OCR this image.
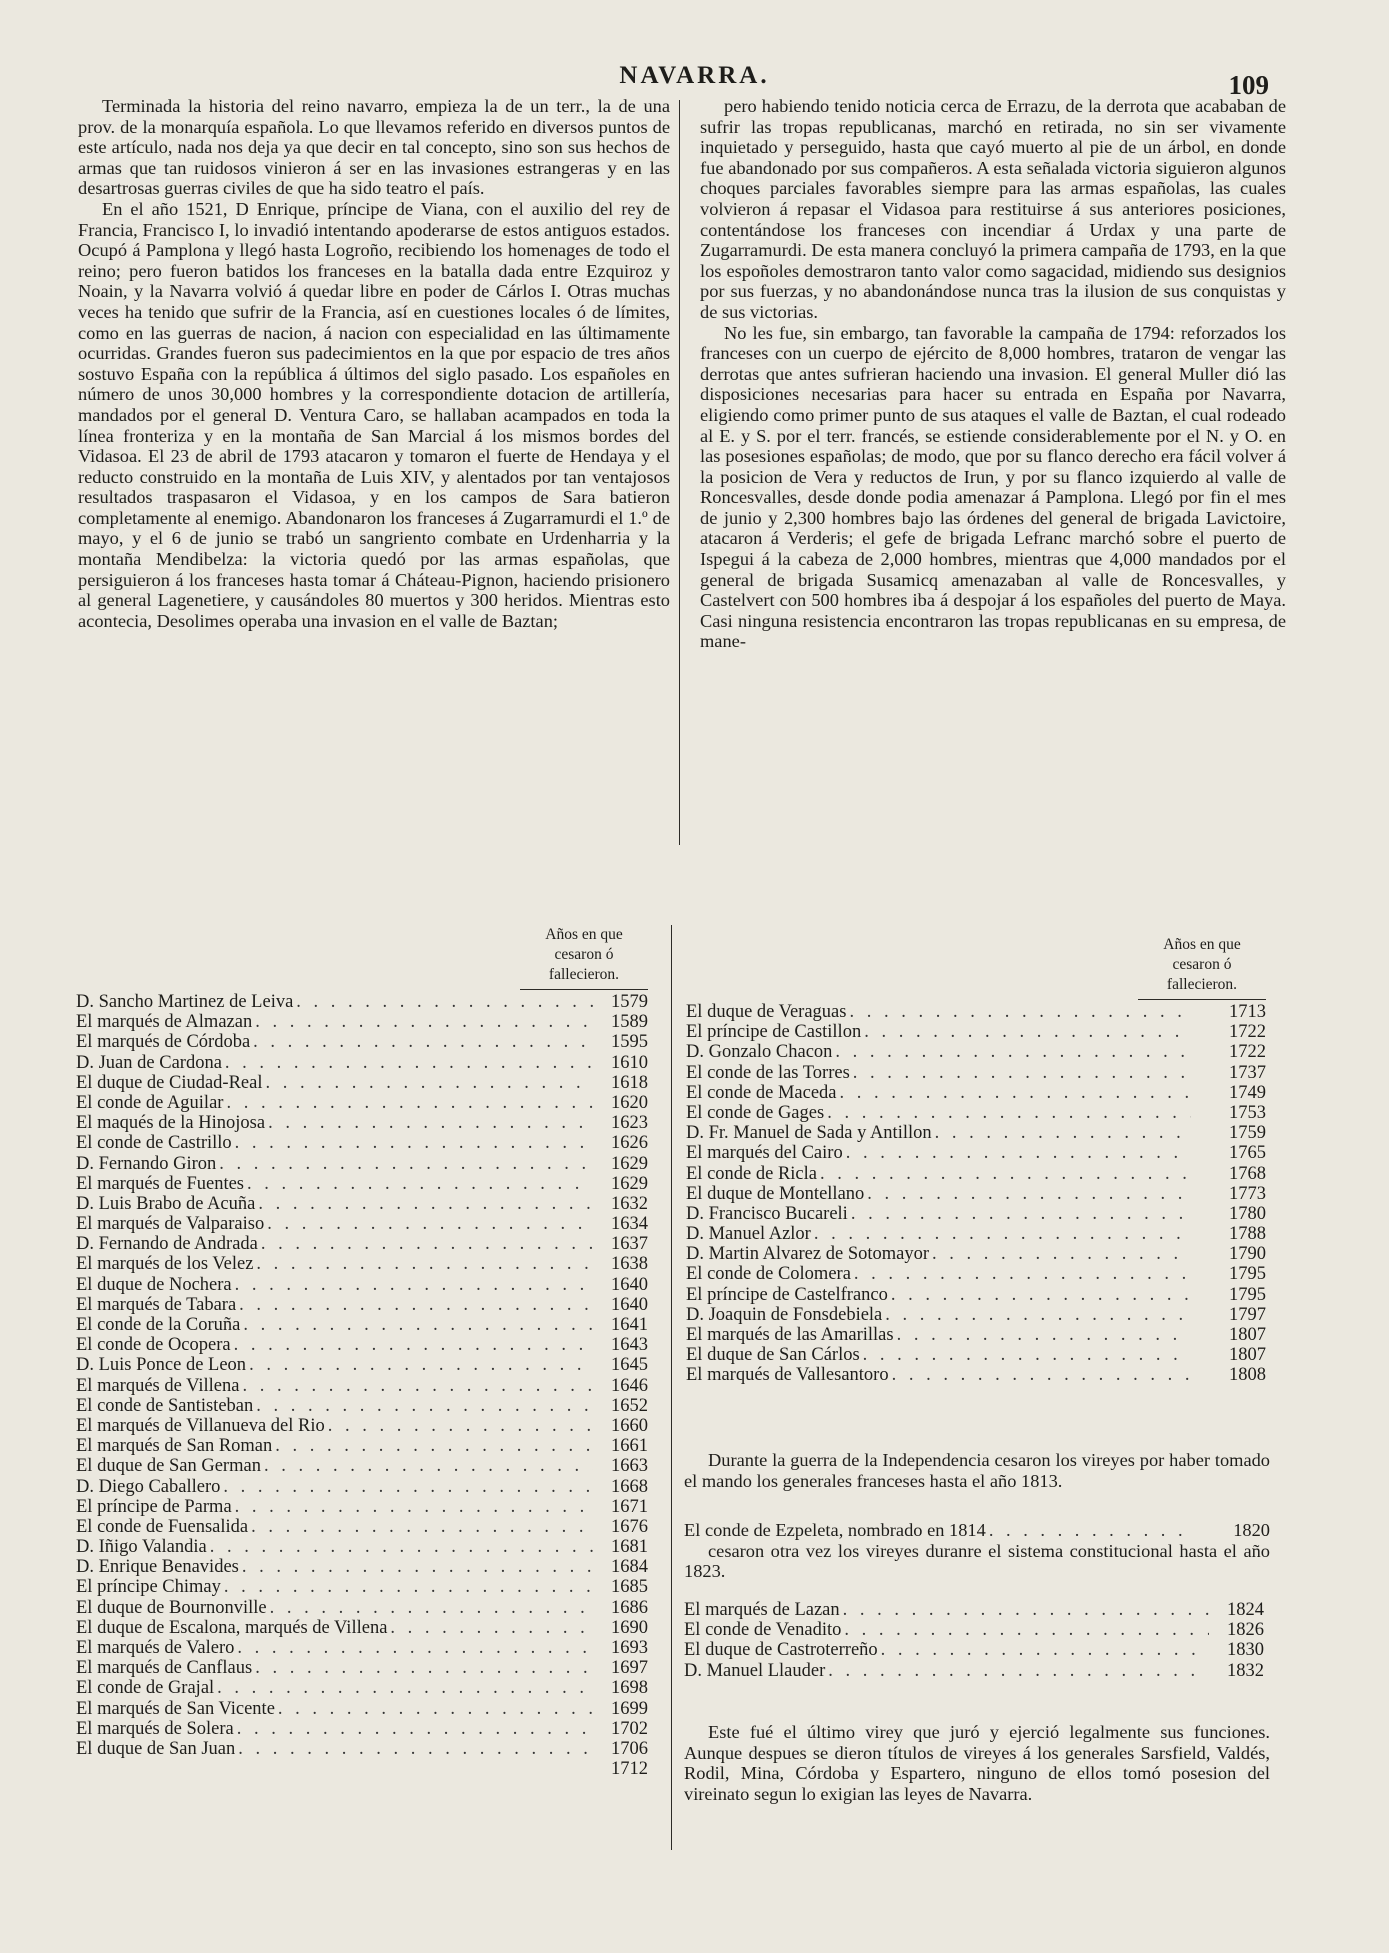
NAVARRA.	109

Terminada la historia del reino navarro, empieza la de un terr., la de una prov. de la monarquía española. Lo que llevamos referido en diversos puntos de este artículo, nada nos deja ya que decir en tal concepto, sino son sus hechos de armas que tan ruidosos vinieron á ser en las invasiones estrangeras y en las desartrosas guerras civiles de que ha sido teatro el país.

En el año 1521, D Enrique, príncipe de Viana, con el auxilio del rey de Francia, Francisco I, lo invadió intentando apoderarse de estos antiguos estados. Ocupó á Pamplona y llegó hasta Logroño, recibiendo los homenages de todo el reino; pero fueron batidos los franceses en la batalla dada entre Ezquiroz y Noain, y la Navarra volvió á quedar libre en poder de Cárlos I. Otras muchas veces ha tenido que sufrir de la Francia, así en cuestiones locales ó de límites, como en las guerras de nacion, á nacion con especialidad en las últimamente ocurridas. Grandes fueron sus padecimientos en la que por espacio de tres años sostuvo España con la república á últimos del siglo pasado. Los españoles en número de unos 30,000 hombres y la correspondiente dotacion de artillería, mandados por el general D. Ventura Caro, se hallaban acampados en toda la línea fronteriza y en la montaña de San Marcial á los mismos bordes del Vidasoa. El 23 de abril de 1793 atacaron y tomaron el fuerte de Hendaya y el reducto construido en la montaña de Luis XIV, y alentados por tan ventajosos resultados traspasaron el Vidasoa, y en los campos de Sara batieron completamente al enemigo. Abandonaron los franceses á Zugarramurdi el 1.º de mayo, y el 6 de junio se trabó un sangriento combate en Urdenharria y la montaña Mendibelza: la victoria quedó por las armas españolas, que persiguieron á los franceses hasta tomar á Cháteau-Pignon, haciendo prisionero al general Lagenetiere, y causándoles 80 muertos y 300 heridos. Mientras esto acontecia, Desolimes operaba una invasion en el valle de Baztan;

pero habiendo tenido noticia cerca de Errazu, de la derrota que acababan de sufrir las tropas republicanas, marchó en retirada, no sin ser vivamente inquietado y perseguido, hasta que cayó muerto al pie de un árbol, en donde fue abandonado por sus compañeros. A esta señalada victoria siguieron algunos choques parciales favorables siempre para las armas españolas, las cuales volvieron á repasar el Vidasoa para restituirse á sus anteriores posiciones, contentándose los franceses con incendiar á Urdax y una parte de Zugarramurdi. De esta manera concluyó la primera campaña de 1793, en la que los espoñoles demostraron tanto valor como sagacidad, midiendo sus designios por sus fuerzas, y no abandonándose nunca tras la ilusion de sus conquistas y de sus victorias.

No les fue, sin embargo, tan favorable la campaña de 1794: reforzados los franceses con un cuerpo de ejército de 8,000 hombres, trataron de vengar las derrotas que antes sufrieran haciendo una invasion. El general Muller dió las disposiciones necesarias para hacer su entrada en España por Navarra, eligiendo como primer punto de sus ataques el valle de Baztan, el cual rodeado al E. y S. por el terr. francés, se estiende considerablemente por el N. y O. en las posesiones españolas; de modo, que por su flanco derecho era fácil volver á la posicion de Vera y reductos de Irun, y por su flanco izquierdo al valle de Roncesvalles, desde donde podia amenazar á Pamplona. Llegó por fin el mes de junio y 2,300 hombres bajo las órdenes del general de brigada Lavictoire, atacaron á Verderis; el gefe de brigada Lefranc marchó sobre el puerto de Ispegui á la cabeza de 2,000 hombres, mientras que 4,000 mandados por el general de brigada Susamicq amenazaban al valle de Roncesvalles, y Castelvert con 500 hombres iba á despojar á los españoles del puerto de Maya. Casi ninguna resistencia encontraron las tropas republicanas en su empresa, de mane-

Años en que cesaron ó fallecieron.
D. Sancho Martinez de Leiva . . .	1579
El marqués de Almazan . . .	1589
El marqués de Córdoba . . .	1595
D. Juan de Cardona . . .	1610
El duque de Ciudad-Real . . .	1618
El conde de Aguilar . . .	1620
El maqués de la Hinojosa . . .	1623
El conde de Castrillo . . .	1626
D. Fernando Giron . . .	1629
El marqués de Fuentes . . .	1629
D. Luis Brabo de Acuña . . .	1632
El marqués de Valparaiso . . .	1634
D. Fernando de Andrada . . .	1637
El marqués de los Velez . . .	1638
El duque de Nochera . . .	1640
El marqués de Tabara . . .	1640
El conde de la Coruña . . .	1641
El conde de Ocopera . . .	1643
D. Luis Ponce de Leon . . .	1645
El marqués de Villena . . .	1646
El conde de Santisteban . . .	1652
El marqués de Villanueva del Rio . . .	1660
El marqués de San Roman . . .	1661
El duque de San German . . .	1663
D. Diego Caballero . . .	1668
El príncipe de Parma . . .	1671
El conde de Fuensalida . . .	1676
D. Iñigo Valandia . . .	1681
D. Enrique Benavides . . .	1684
El príncipe Chimay . . .	1685
El duque de Bournonville . . .	1686
El duque de Escalona, marqués de Villena . . .	1690
El marqués de Valero . . .	1693
El marqués de Canflaus . . .	1697
El conde de Grajal . . .	1698
El marqués de San Vicente . . .	1699
El marqués de Solera . . .	1702
El duque de San Juan . . .	1706
1712
Años en que cesaron ó fallecieron.
El duque de Veraguas . . .	1713
El príncipe de Castillon . . .	1722
D. Gonzalo Chacon . . .	1722
El conde de las Torres . . .	1737
El conde de Maceda . . .	1749
El conde de Gages . . .	1753
D. Fr. Manuel de Sada y Antillon . . .	1759
El marqués del Cairo . . .	1765
El conde de Ricla . . .	1768
El duque de Montellano . . .	1773
D. Francisco Bucareli . . .	1780
D. Manuel Azlor . . .	1788
D. Martin Alvarez de Sotomayor . . .	1790
El conde de Colomera . . .	1795
El príncipe de Castelfranco . . .	1795
D. Joaquin de Fonsdebiela . . .	1797
El marqués de las Amarillas . . .	1807
El duque de San Cárlos . . .	1807
El marqués de Vallesantoro . . .	1808

Durante la guerra de la Independencia cesaron los vireyes por haber tomado el mando los generales franceses hasta el año 1813.

El conde de Ezpeleta, nombrado en 1814 . . .	1820

cesaron otra vez los vireyes duranre el sistema constitucional hasta el año 1823.

El marqués de Lazan . . .	1824
El conde de Venadito . . .	1826
El duque de Castroterreño . . .	1830
D. Manuel Llauder . . .	1832

Este fué el último virey que juró y ejerció legalmente sus funciones. Aunque despues se dieron títulos de vireyes á los generales Sarsfield, Valdés, Rodil, Mina, Córdoba y Espartero, ninguno de ellos tomó posesion del vireinato segun lo exigian las leyes de Navarra.
